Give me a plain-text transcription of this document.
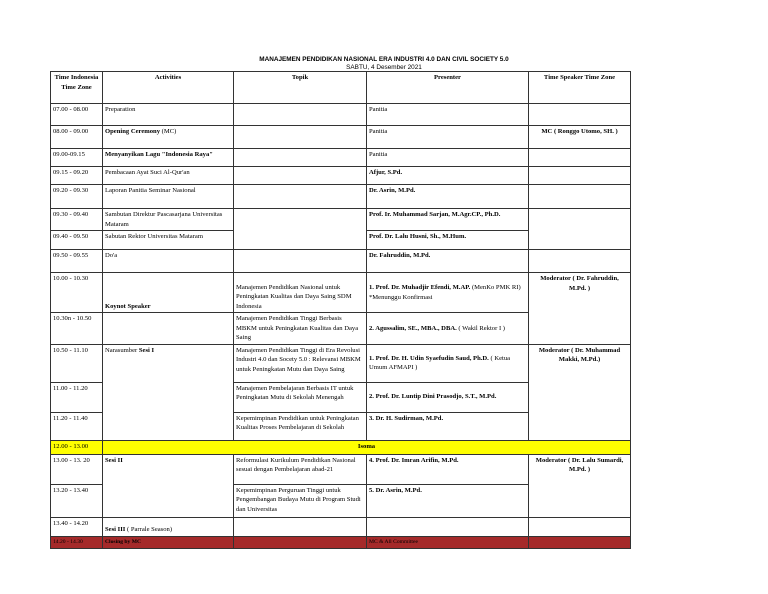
MANAJEMEN PENDIDIKAN NASIONAL ERA INDUSTRI 4.0 DAN CIVIL SOCIETY 5.0
SABTU, 4 Desember 2021
Time Indonesia Time Zone	Activities	Topik	Presenter	Time Speaker Time Zone
07.00 - 08.00	Preparation		Panitia	
08.00 - 09.00	Opening Ceremony (MC)		Panitia	MC ( Ronggo Utomo, SH. )
09.00-09.15	Menyanyikan Lagu "Indonesia Raya"		Panitia	
09.15 - 09.20	Pembacaan Ayat Suci Al-Qur'an		Afjur, S.Pd.	
09.20 - 09.30	Laporan Panitia Seminar Nasional		Dr. Asrin, M.Pd.	
09.30 - 09.40	Sambutan Direktur Pascasarjana Universitas Mataram		Prof. Ir. Muhammad Sarjan, M.Agr.CP., Ph.D.	
09.40 - 09.50	Sabutan Rektor Universitas Mataram		Prof. Dr. Lalu Husni, Sh., M.Hum.	
09.50 - 09.55	Do'a		Dr. Fahruddin, M.Pd.	
10.00 - 10.30	Koynot Speaker	Manajemen Pendidikan Nasional untuk Peningkatan Kualitas dan Daya Saing SDM Indonesia	1. Prof. Dr. Muhadjir Efendi, M.AP. (MenKo PMK RI) *Menunggu Konfirmasi	Moderator ( Dr. Fahruddin, M.Pd. )
10.30n - 10.50		Manajemen Pendidikan Tinggi Berbasis MBKM untuk Peningkatan Kualitas dan Daya Saing	2. Agussalim, SE., MBA., DBA. ( Wakil Rektor I )	
10.50 - 11.10	Narasumber Sesi I	Manajemen Pendidikan Tinggi di Era Revolusi Industri 4.0 dan Socety 5.0 : Relevansi MBKM untuk Peningkatan Mutu dan Daya Saing	1. Prof. Dr. H. Udin Syaefudin Saud, Ph.D. ( Ketua Umum AFMAPI )	Moderator ( Dr. Muhammad Makki, M.Pd.)
11.00 - 11.20		Manajemen Pembelajaran Berbasis IT untuk Peningkatan Mutu di Sekolah Menengah	2. Prof. Dr. Luntip Dini Prasodjo, S.T., M.Pd.	
11.20 - 11.40		Kepemimpinan Pendidikan untuk Peningkatan Kualitas Proses Pembelajaran di Sekolah	3. Dr. H. Sudirman, M.Pd.	
12.00 - 13.00	Isoma			
13.00 - 13. 20	Sesi II	Reformulasi Kurikulum Pendidikan Nasional sesuai dengan Pembelajaran abad-21	4. Prof. Dr. Imran Arifin, M.Pd.	Moderator ( Dr. Lalu Sumardi, M.Pd. )
13.20 - 13.40		Kepemimpinan Perguruan Tinggi untuk Pengembangan Budaya Mutu di Program Studi dan Universitas	5. Dr. Asrin, M.Pd.	
13.40 - 14.20	Sesi III ( Parrale Season)			
14.20 - 14.30	Closing by MC		MC & All Committee	
